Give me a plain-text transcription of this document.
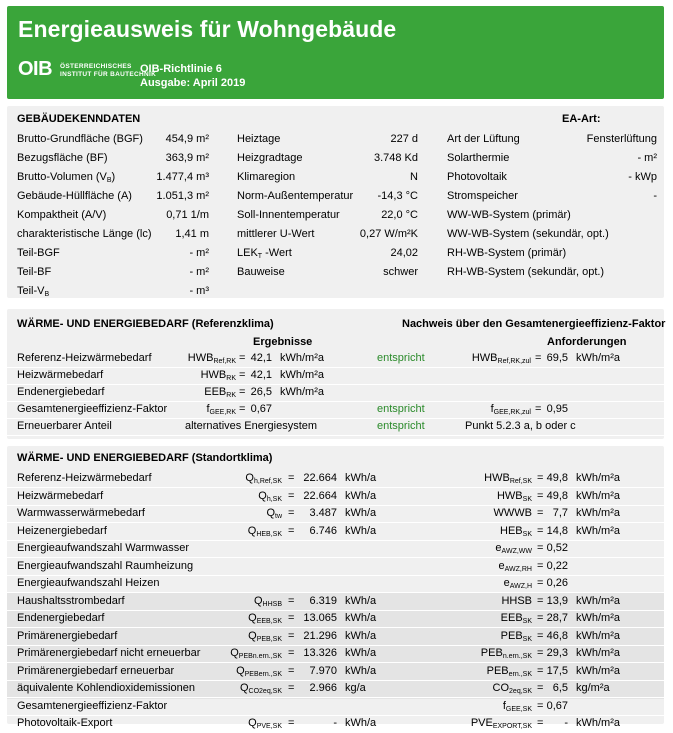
Energieausweis für Wohngebäude
OIB ÖSTERREICHISCHES
INSTITUT FÜR BAUTECHNIK
OIB-Richtlinie 6
Ausgabe: April 2019
GEBÄUDEKENNDATEN	EA-Art:
Brutto-Grundfläche (BGF) 454,9 m²
Bezugsfläche (BF)	363,9 m²
Brutto-Volumen (VB)	1.477,4 m³
Gebäude-Hüllfläche (A) 1.051,3 m²
Kompaktheit (A/V)	0,71 1/m
charakteristische Länge (lc) 1,41 m
Teil-BGF	- m²
Teil-BF	- m²
Teil-VB	- m³
Heiztage	227 d
Heizgradtage	3.748 Kd
Klimaregion	N
Norm-Außentemperatur -14,3 °C
Soll-Innentemperatur	22,0 °C
mittlerer U-Wert	0,27 W/m²K
LEKT -Wert	24,02
Bauweise	schwer
Art der Lüftung	Fensterlüftung
Solarthermie	- m²
Photovoltaik	- kWp
Stromspeicher	-
WW-WB-System (primär)
WW-WB-System (sekundär, opt.)
RH-WB-System (primär)
RH-WB-System (sekundär, opt.)
WÄRME- UND ENERGIEBEDARF (Referenzklima)	Nachweis über den Gesamtenergieeffizienz-Faktor
Ergebnisse	Anforderungen
Referenz-Heizwärmebedarf	HWBRef,RK = 42,1 kWh/m²a	entspricht	HWBRef,RK,zul = 69,5 kWh/m²a
Heizwärmebedarf	HWBRK = 42,1 kWh/m²a
Endenergiebedarf	EEBRK = 26,5 kWh/m²a
Gesamtenergieeffizienz-Faktor	fGEE,RK = 0,67	entspricht	fGEE,RK,zul = 0,95
Erneuerbarer Anteil	alternatives Energiesystem	entspricht	Punkt 5.2.3 a, b oder c
WÄRME- UND ENERGIEBEDARF (Standortklima)
Referenz-Heizwärmebedarf	Qh,Ref,SK = 22.664 kWh/a	HWBRef,SK = 49,8 kWh/m²a
Heizwärmebedarf	Qh,SK = 22.664 kWh/a	HWBSK = 49,8 kWh/m²a
Warmwasserwärmebedarf	Qtw = 3.487 kWh/a	WWWB = 7,7 kWh/m²a
Heizenergiebedarf	QHEB,SK = 6.746 kWh/a	HEBSK = 14,8 kWh/m²a
Energieaufwandszahl Warmwasser	eAWZ,WW = 0,52
Energieaufwandszahl Raumheizung	eAWZ,RH = 0,22
Energieaufwandszahl Heizen	eAWZ,H = 0,26
Haushaltsstrombedarf	QHHSB = 6.319 kWh/a	HHSB = 13,9 kWh/m²a
Endenergiebedarf	QEEB,SK = 13.065 kWh/a	EEBSK = 28,7 kWh/m²a
Primärenergiebedarf	QPEB,SK = 21.296 kWh/a	PEBSK = 46,8 kWh/m²a
Primärenergiebedarf nicht erneuerbar	QPEBn.ern.,SK = 13.326 kWh/a	PEBn.ern.,SK = 29,3 kWh/m²a
Primärenergiebedarf erneuerbar	QPEBern.,SK = 7.970 kWh/a	PEBern.,SK = 17,5 kWh/m²a
äquivalente Kohlendioxidemissionen	QCO2eq,SK = 2.966 kg/a	CO2eq,SK = 6,5 kg/m²a
Gesamtenergieeffizienz-Faktor	fGEE,SK = 0,67
Photovoltaik-Export	QPVE,SK =	- kWh/a	PVEEXPORT,SK = - kWh/m²a
